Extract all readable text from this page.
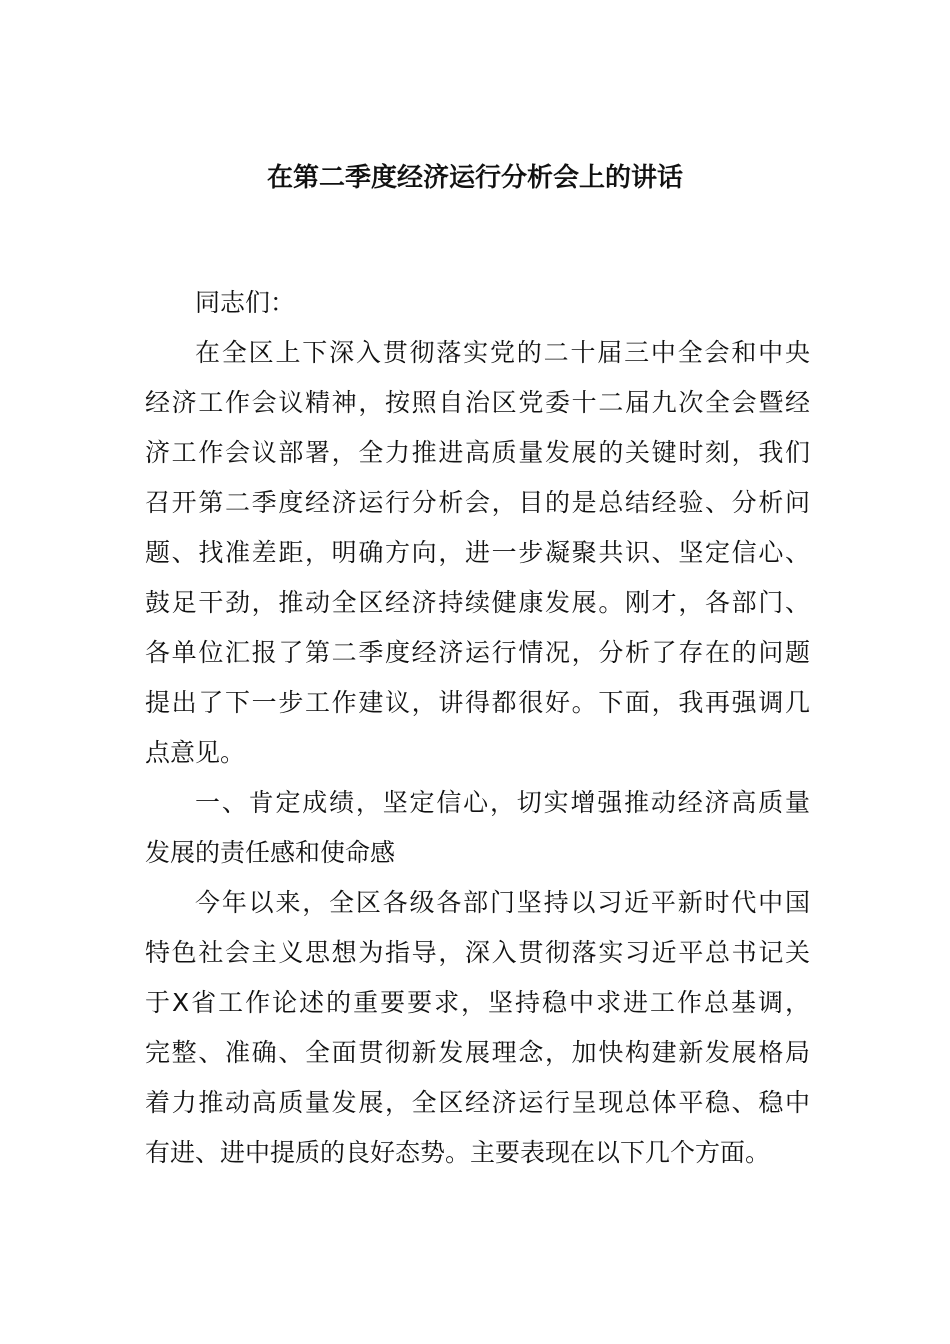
在第二季度经济运行分析会上的讲话
同志们：
在全区上下深入贯彻落实党的二十届三中全会和中央
经济工作会议精神，按照自治区党委十二届九次全会暨经
济工作会议部署，全力推进高质量发展的关键时刻，我们
召开第二季度经济运行分析会，目的是总结经验、分析问
题、找准差距，明确方向，进一步凝聚共识、坚定信心、
鼓足干劲，推动全区经济持续健康发展。刚才，各部门、
各单位汇报了第二季度经济运行情况，分析了存在的问题
提出了下一步工作建议，讲得都很好。下面，我再强调几
点意见。
一、肯定成绩，坚定信心，切实增强推动经济高质量
发展的责任感和使命感
今年以来，全区各级各部门坚持以习近平新时代中国
特色社会主义思想为指导，深入贯彻落实习近平总书记关
于X省工作论述的重要要求，坚持稳中求进工作总基调，
完整、准确、全面贯彻新发展理念，加快构建新发展格局
着力推动高质量发展，全区经济运行呈现总体平稳、稳中
有进、进中提质的良好态势。主要表现在以下几个方面。
